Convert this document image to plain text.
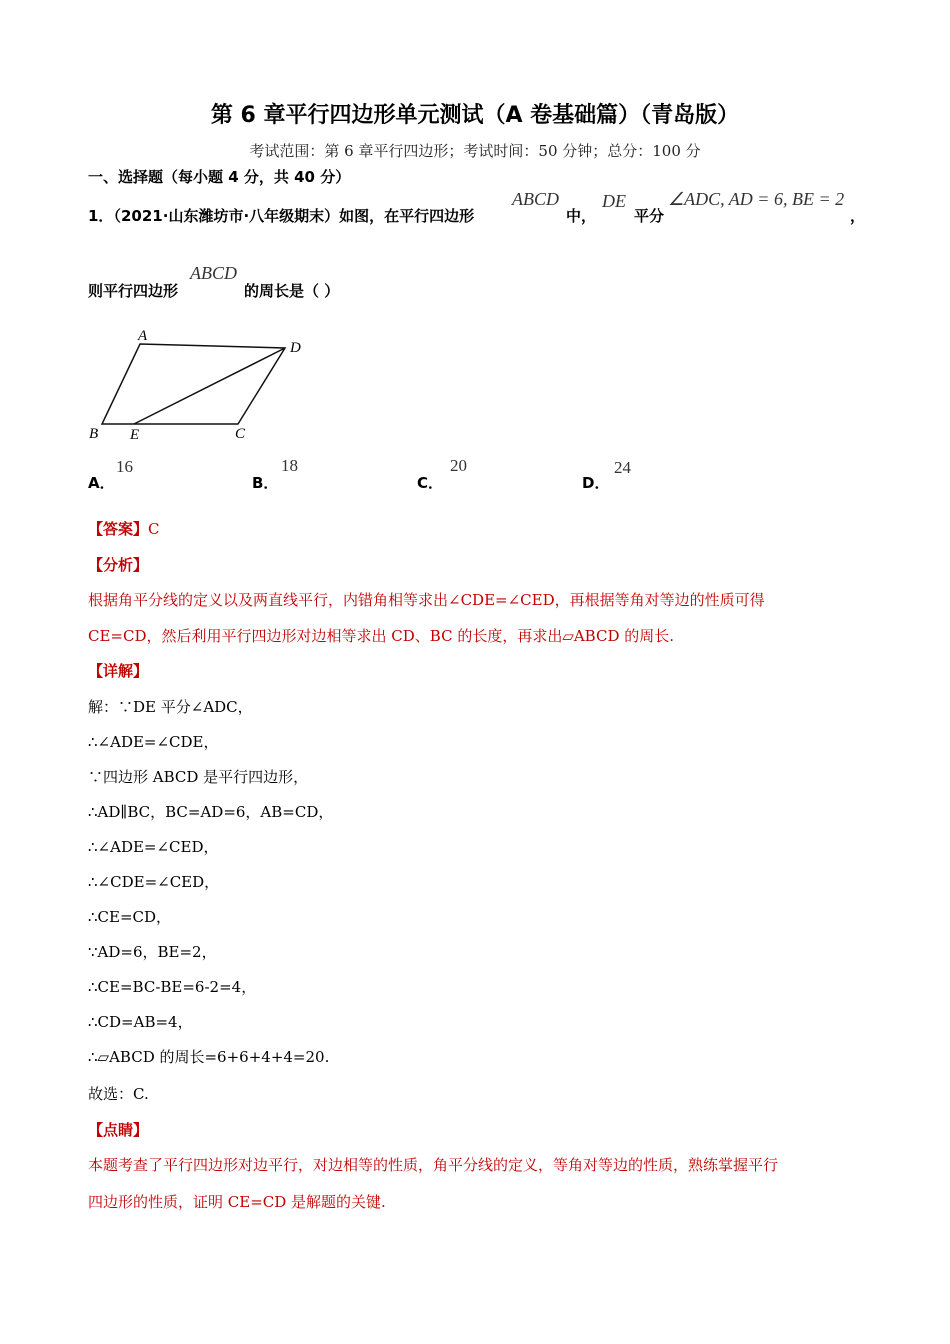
第 6 章平行四边形单元测试（A 卷基础篇）（青岛版）
考试范围：第 6 章平行四边形；考试时间：50 分钟；总分：100 分
一、选择题（每小题 4 分，共 40 分）
1．
（2021·山东潍坊市·八年级期末）如图，在平行四边形
ABCD
中，
DE
平分
∠ADC, AD = 6, BE = 2
，
则平行四边形
ABCD
的周长是（ ）
A
B E	C
D
A．
16
B．
18
C．
20
D．
24
【答案】C
【分析】
根据角平分线的定义以及两直线平行，内错角相等求出∠CDE=∠CED，再根据等角对等边的性质可得
CE=CD，然后利用平行四边形对边相等求出 CD、BC 的长度，再求出▱ABCD 的周长.
【详解】
解：∵DE 平分∠ADC，
∴∠ADE=∠CDE，
∵四边形 ABCD 是平行四边形，
∴AD∥BC，BC=AD=6，AB=CD，
∴∠ADE=∠CED，
∴∠CDE=∠CED，
∴CE=CD，
∵AD=6，BE=2，
∴CE=BC-BE=6-2=4，
∴CD=AB=4，
∴▱ABCD 的周长=6+6+4+4=20.
故选：C.
【点睛】
本题考查了平行四边形对边平行，对边相等的性质，角平分线的定义，等角对等边的性质，熟练掌握平行
四边形的性质，证明 CE=CD 是解题的关键.
